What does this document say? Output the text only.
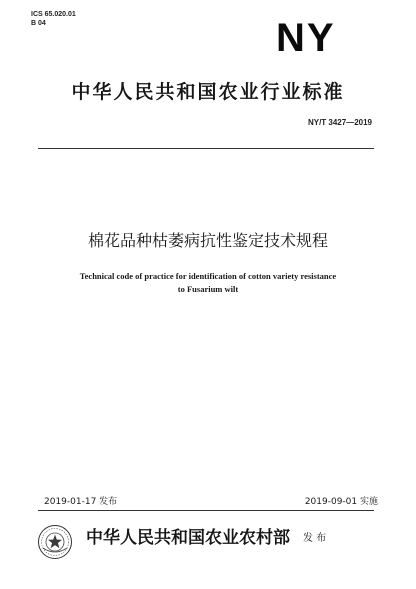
ICS 65.020.01
B 04	NY
中华人民共和国农业行业标准
NY/T 3427—2019
棉花品种枯萎病抗性鉴定技术规程
Technical code of practice for identification of cotton variety resistance
to Fusarium wilt
2019-01-17 发布	2019-09-01 实施
中华人民共和国农业农村部 发 布
